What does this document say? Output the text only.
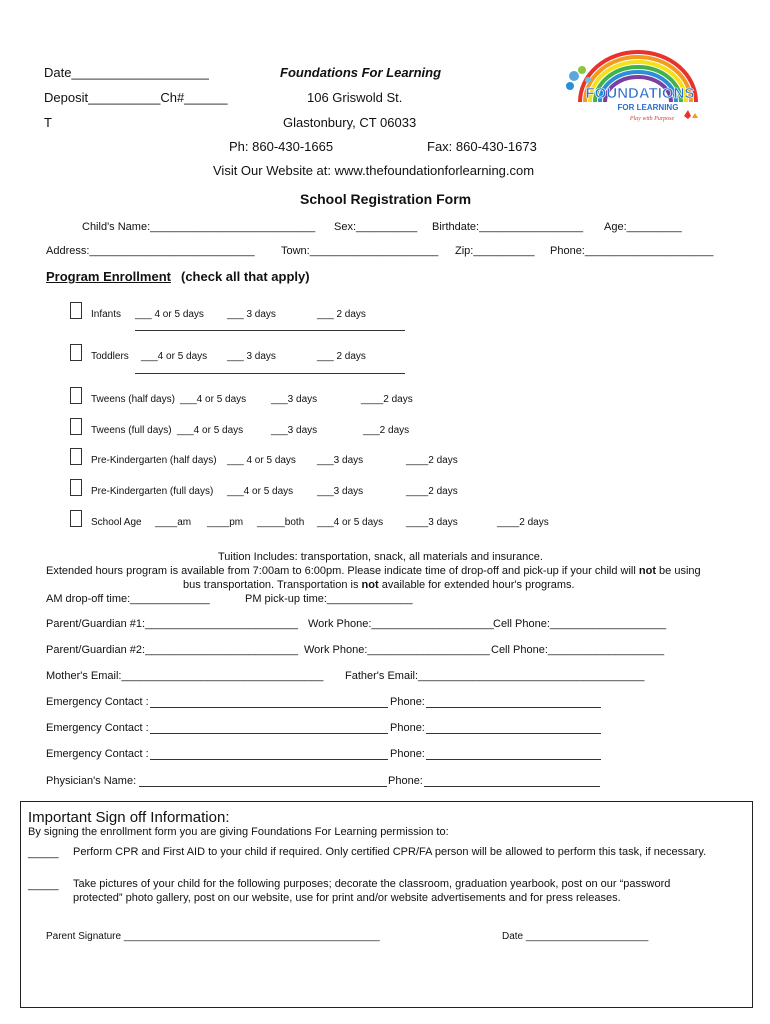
Date___________________
Deposit__________Ch#______
T
Foundations For Learning
106 Griswold St.
Glastonbury, CT 06033
Ph: 860-430-1665	Fax: 860-430-1673
Visit Our Website at: www.thefoundationforlearning.com
FOUNDATIONS
FOR LEARNING
Play with Purpose
School Registration Form
Child's Name:___________________________ Sex:__________ Birthdate:_________________ Age:_________
Address:___________________________ Town:_____________________ Zip:__________ Phone:_____________________
Program Enrollment (check all that apply)
Infants ___ 4 or 5 days ___ 3 days	___ 2 days
Toddlers ___4 or 5 days ___ 3 days	___ 2 days
Tweens (half days) ___4 or 5 days ___3 days	____2 days
Tweens (full days) ___4 or 5 days	___3 days	___2 days
Pre-Kindergarten (half days) ___ 4 or 5 days ___3 days	____2 days
Pre-Kindergarten (full days) ___4 or 5 days ___3 days	____2 days
School Age ____am ____pm _____both ___4 or 5 days ____3 days	____2 days
Tuition Includes: transportation, snack, all materials and insurance.
Extended hours program is available from 7:00am to 6:00pm. Please indicate time of drop-off and pick-up if your child will not be using
bus transportation. Transportation is not available for extended hour's programs.
AM drop-off time:_____________	PM pick-up time:______________
Parent/Guardian #1:_________________________ Work Phone:____________________ Cell Phone:___________________
Parent/Guardian #2:_________________________ Work Phone:____________________ Cell Phone:___________________
Mother's Email:_________________________________ Father's Email:_____________________________________
Emergency Contact :	Phone:
Emergency Contact :	Phone:
Emergency Contact :	Phone:
Physician's Name:	Phone:
Important Sign off Information:
By signing the enrollment form you are giving Foundations For Learning permission to:
_____ Perform CPR and First AID to your child if required. Only certified CPR/FA person will be allowed to perform this task, if necessary.
_____ Take pictures of your child for the following purposes; decorate the classroom, graduation yearbook, post on our “password
protected” photo gallery, post on our website, use for print and/or website advertisements and for press releases.
Parent Signature ______________________________________________	Date ______________________
